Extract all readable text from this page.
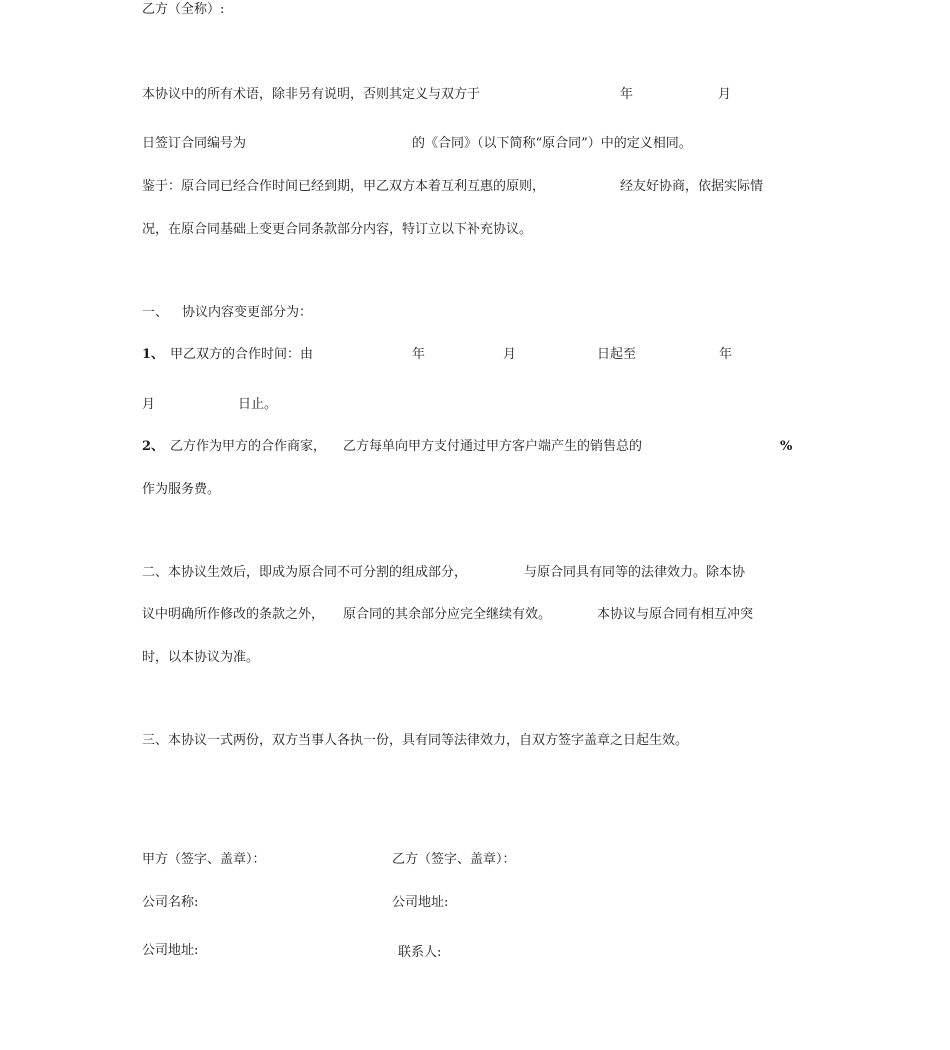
乙方（全称）:
本协议中的所有术语，除非另有说明，否则其定义与双方于	年	月
日签订合同编号为	的《合同》（以下简称“原合同”）中的定义相同。
鉴于：原合同已经合作时间已经到期，甲乙双方本着互利互惠的原则，	经友好协商，依据实际情
况，在原合同基础上变更合同条款部分内容，特订立以下补充协议。
一、 协议内容变更部分为：
1、 甲乙双方的合作时间：由	年	月	日起至	年
月	日止。
2、 乙方作为甲方的合作商家， 乙方每单向甲方支付通过甲方客户端产生的销售总的	%
作为服务费。
二、本协议生效后，即成为原合同不可分割的组成部分，	与原合同具有同等的法律效力。除本协
议中明确所作修改的条款之外， 原合同的其余部分应完全继续有效。	本协议与原合同有相互冲突
时，以本协议为准。
三、本协议一式两份，双方当事人各执一份，具有同等法律效力，自双方签字盖章之日起生效。
甲方（签字、盖章）：	乙方（签字、盖章）：
公司名称:	公司地址:
公司地址:	联系人:
